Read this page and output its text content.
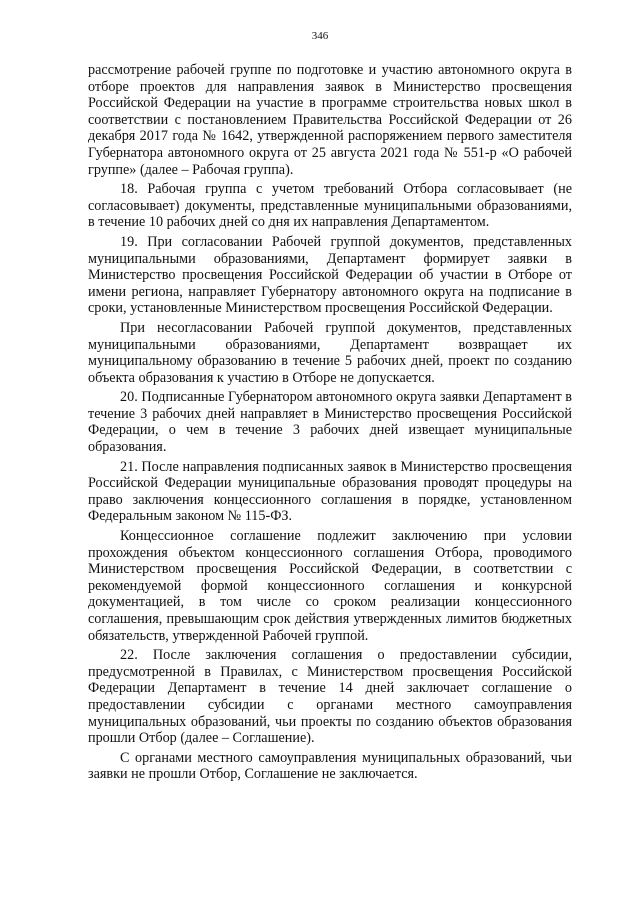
346

рассмотрение рабочей группе по подготовке и участию автономного округа в отборе проектов для направления заявок в Министерство просвещения Российской Федерации на участие в программе строительства новых школ в соответствии с постановлением Правительства Российской Федерации от 26 декабря 2017 года № 1642, утвержденной распоряжением первого заместителя Губернатора автономного округа от 25 августа 2021 года № 551-р «О рабочей группе» (далее – Рабочая группа).

18. Рабочая группа с учетом требований Отбора согласовывает (не согласовывает) документы, представленные муниципальными образованиями, в течение 10 рабочих дней со дня их направления Департаментом.

19. При согласовании Рабочей группой документов, представленных муниципальными образованиями, Департамент формирует заявки в Министерство просвещения Российской Федерации об участии в Отборе от имени региона, направляет Губернатору автономного округа на подписание в сроки, установленные Министерством просвещения Российской Федерации.

При несогласовании Рабочей группой документов, представленных муниципальными образованиями, Департамент возвращает их муниципальному образованию в течение 5 рабочих дней, проект по созданию объекта образования к участию в Отборе не допускается.

20. Подписанные Губернатором автономного округа заявки Департамент в течение 3 рабочих дней направляет в Министерство просвещения Российской Федерации, о чем в течение 3 рабочих дней извещает муниципальные образования.

21. После направления подписанных заявок в Министерство просвещения Российской Федерации муниципальные образования проводят процедуры на право заключения концессионного соглашения в порядке, установленном Федеральным законом № 115-ФЗ.

Концессионное соглашение подлежит заключению при условии прохождения объектом концессионного соглашения Отбора, проводимого Министерством просвещения Российской Федерации, в соответствии с рекомендуемой формой концессионного соглашения и конкурсной документацией, в том числе со сроком реализации концессионного соглашения, превышающим срок действия утвержденных лимитов бюджетных обязательств, утвержденной Рабочей группой.

22. После заключения соглашения о предоставлении субсидии, предусмотренной в Правилах, с Министерством просвещения Российской Федерации Департамент в течение 14 дней заключает соглашение о предоставлении субсидии с органами местного самоуправления муниципальных образований, чьи проекты по созданию объектов образования прошли Отбор (далее – Соглашение).

С органами местного самоуправления муниципальных образований, чьи заявки не прошли Отбор, Соглашение не заключается.
